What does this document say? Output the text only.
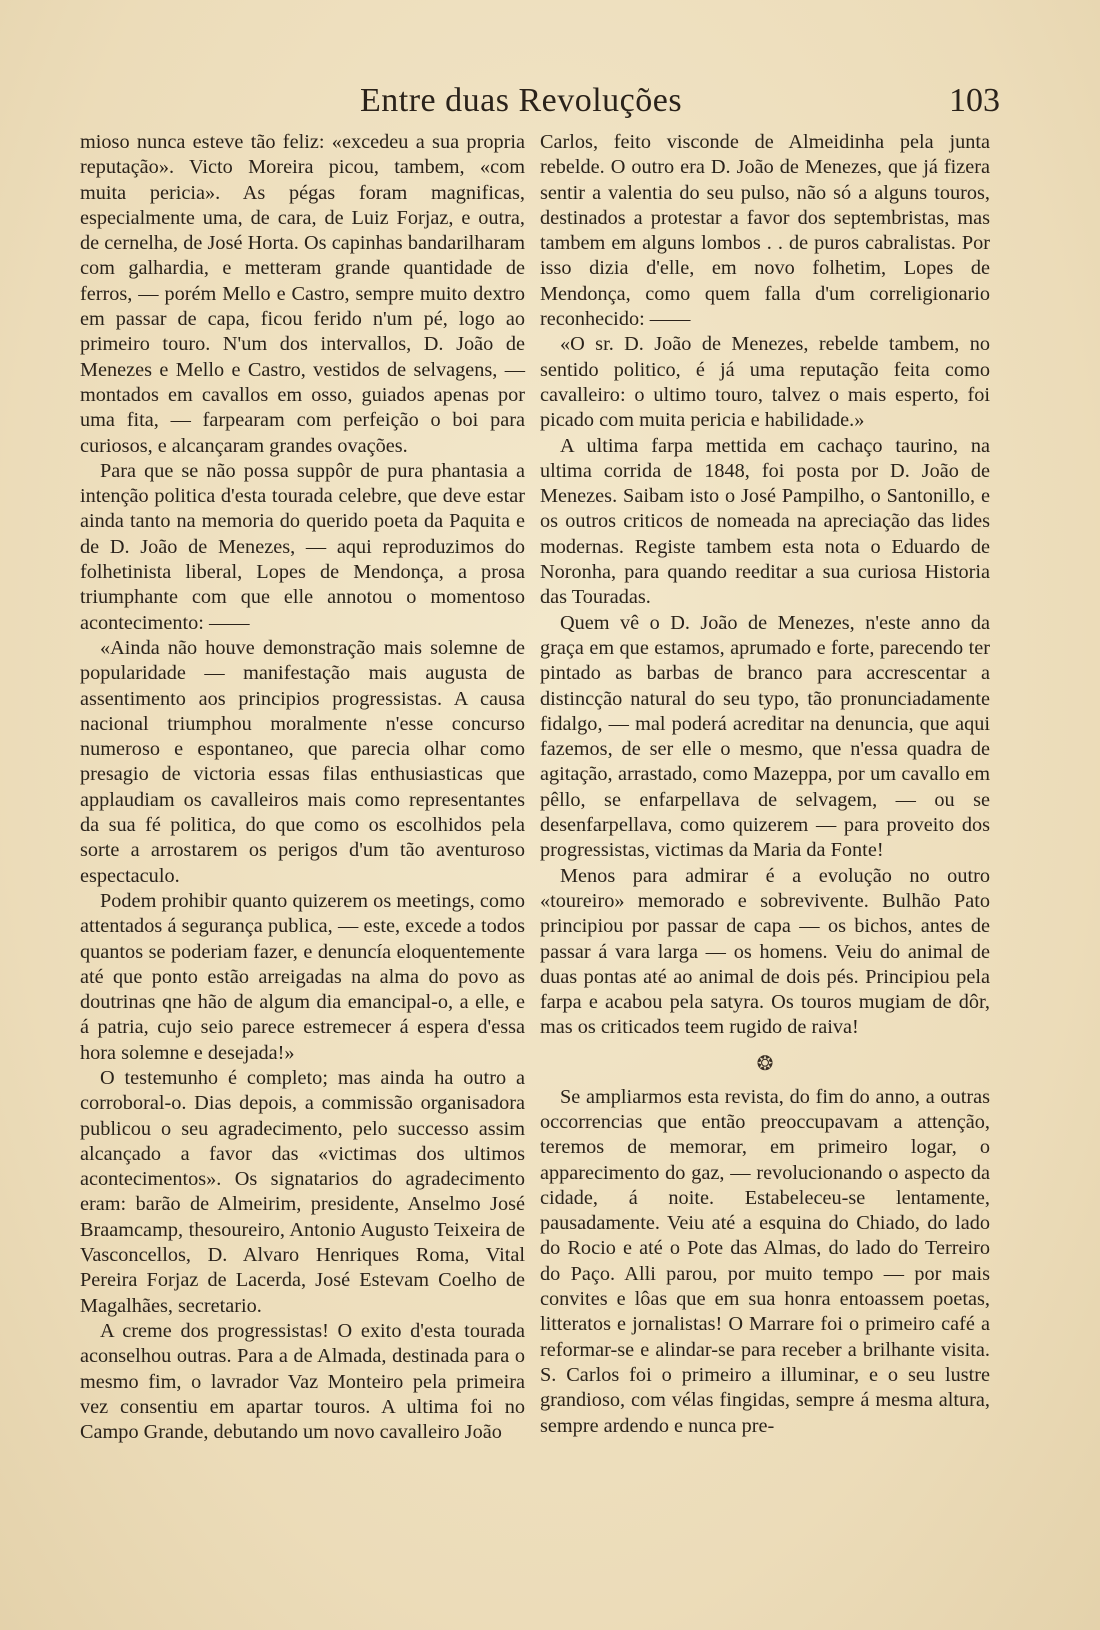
Entre duas Revoluções	103

mioso nunca esteve tão feliz: «excedeu a sua propria reputação». Victo Moreira picou, tambem, «com muita pericia». As pégas foram magnificas, especialmente uma, de cara, de Luiz Forjaz, e outra, de cernelha, de José Horta. Os capinhas bandarilharam com galhardia, e metteram grande quantidade de ferros, — porém Mello e Castro, sempre muito dextro em passar de capa, ficou ferido n'um pé, logo ao primeiro touro. N'um dos intervallos, D. João de Menezes e Mello e Castro, vestidos de selvagens, — montados em cavallos em osso, guiados apenas por uma fita, — farpearam com perfeição o boi para curiosos, e alcançaram grandes ovações.

Para que se não possa suppôr de pura phantasia a intenção politica d'esta tourada celebre, que deve estar ainda tanto na memoria do querido poeta da Paquita e de D. João de Menezes, — aqui reproduzimos do folhetinista liberal, Lopes de Mendonça, a prosa triumphante com que elle annotou o momentoso acontecimento: ——

«Ainda não houve demonstração mais solemne de popularidade — manifestação mais augusta de assentimento aos principios progressistas. A causa nacional triumphou moralmente n'esse concurso numeroso e espontaneo, que parecia olhar como presagio de victoria essas filas enthusiasticas que applaudiam os cavalleiros mais como representantes da sua fé politica, do que como os escolhidos pela sorte a arrostarem os perigos d'um tão aventuroso espectaculo.

Podem prohibir quanto quizerem os meetings, como attentados á segurança publica, — este, excede a todos quantos se poderiam fazer, e denuncía eloquentemente até que ponto estão arreigadas na alma do povo as doutrinas qne hão de algum dia emancipal-o, a elle, e á patria, cujo seio parece estremecer á espera d'essa hora solemne e desejada!»

O testemunho é completo; mas ainda ha outro a corroboral-o. Dias depois, a commissão organisadora publicou o seu agradecimento, pelo successo assim alcançado a favor das «victimas dos ultimos acontecimentos». Os signatarios do agradecimento eram: barão de Almeirim, presidente, Anselmo José Braamcamp, thesoureiro, Antonio Augusto Teixeira de Vasconcellos, D. Alvaro Henriques Roma, Vital Pereira Forjaz de Lacerda, José Estevam Coelho de Magalhães, secretario.

A creme dos progressistas! O exito d'esta tourada aconselhou outras. Para a de Almada, destinada para o mesmo fim, o lavrador Vaz Monteiro pela primeira vez consentiu em apartar touros. A ultima foi no Campo Grande, debutando um novo cavalleiro João

Carlos, feito visconde de Almeidinha pela junta rebelde. O outro era D. João de Menezes, que já fizera sentir a valentia do seu pulso, não só a alguns touros, destinados a protestar a favor dos septembristas, mas tambem em alguns lombos . . de puros cabralistas. Por isso dizia d'elle, em novo folhetim, Lopes de Mendonça, como quem falla d'um correligionario reconhecido: ——

«O sr. D. João de Menezes, rebelde tambem, no sentido politico, é já uma reputação feita como cavalleiro: o ultimo touro, talvez o mais esperto, foi picado com muita pericia e habilidade.»

A ultima farpa mettida em cachaço taurino, na ultima corrida de 1848, foi posta por D. João de Menezes. Saibam isto o José Pampilho, o Santonillo, e os outros criticos de nomeada na apreciação das lides modernas. Registe tambem esta nota o Eduardo de Noronha, para quando reeditar a sua curiosa Historia das Touradas.

Quem vê o D. João de Menezes, n'este anno da graça em que estamos, aprumado e forte, parecendo ter pintado as barbas de branco para accrescentar a distincção natural do seu typo, tão pronunciadamente fidalgo, — mal poderá acreditar na denuncia, que aqui fazemos, de ser elle o mesmo, que n'essa quadra de agitação, arrastado, como Mazeppa, por um cavallo em pêllo, se enfarpellava de selvagem, — ou se desenfarpellava, como quizerem — para proveito dos progressistas, victimas da Maria da Fonte!

Menos para admirar é a evolução no outro «toureiro» memorado e sobrevivente. Bulhão Pato principiou por passar de capa — os bichos, antes de passar á vara larga — os homens. Veiu do animal de duas pontas até ao animal de dois pés. Principiou pela farpa e acabou pela satyra. Os touros mugiam de dôr, mas os criticados teem rugido de raiva!

❂

Se ampliarmos esta revista, do fim do anno, a outras occorrencias que então preoccupavam a attenção, teremos de memorar, em primeiro logar, o apparecimento do gaz, — revolucionando o aspecto da cidade, á noite. Estabeleceu-se lentamente, pausadamente. Veiu até a esquina do Chiado, do lado do Rocio e até o Pote das Almas, do lado do Terreiro do Paço. Alli parou, por muito tempo — por mais convites e lôas que em sua honra entoassem poetas, litteratos e jornalistas! O Marrare foi o primeiro café a reformar-se e alindar-se para receber a brilhante visita. S. Carlos foi o primeiro a illuminar, e o seu lustre grandioso, com vélas fingidas, sempre á mesma altura, sempre ardendo e nunca pre-
